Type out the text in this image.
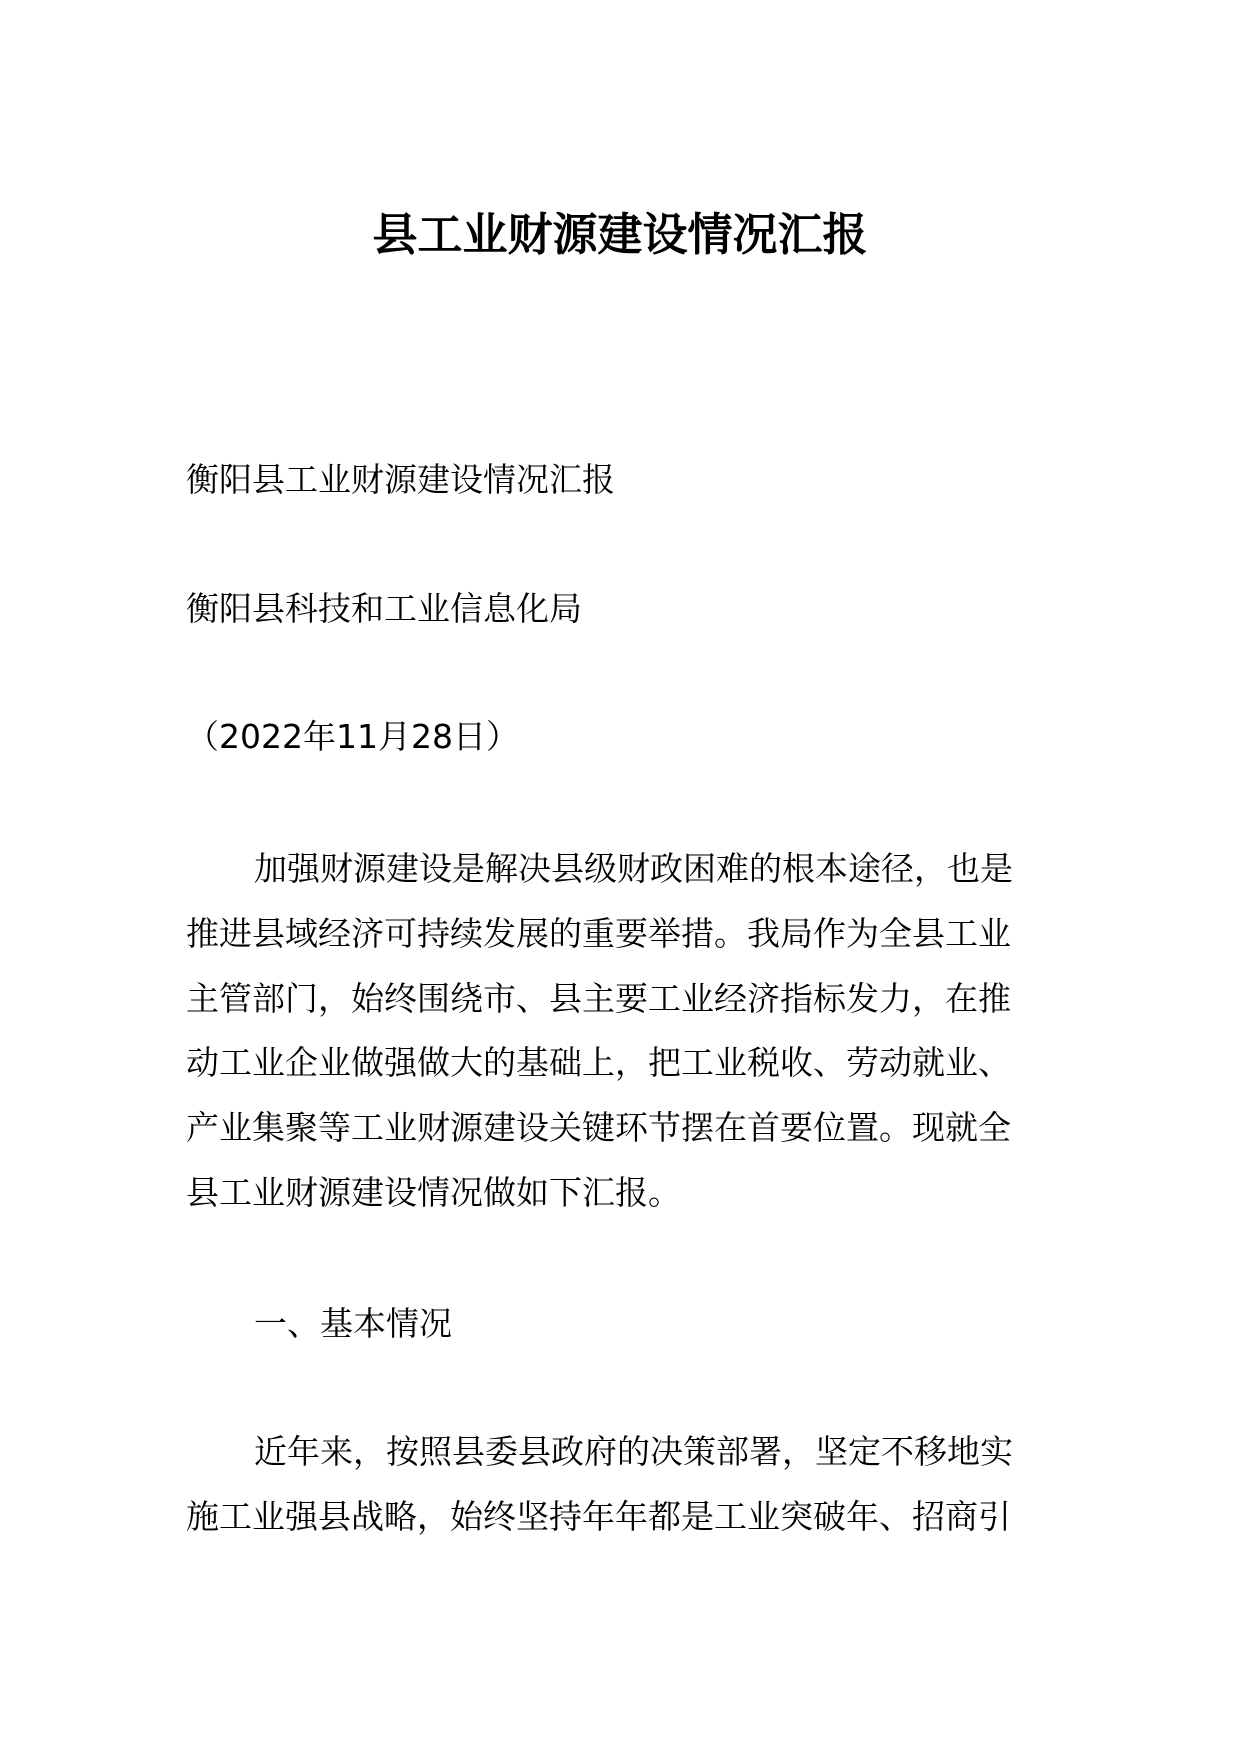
县工业财源建设情况汇报
衡阳县工业财源建设情况汇报
衡阳县科技和工业信息化局
（2022年11月28日）
加强财源建设是解决县级财政困难的根本途径，也是
推进县域经济可持续发展的重要举措。我局作为全县工业
主管部门，始终围绕市、县主要工业经济指标发力，在推
动工业企业做强做大的基础上，把工业税收、劳动就业、
产业集聚等工业财源建设关键环节摆在首要位置。现就全
县工业财源建设情况做如下汇报。
一、基本情况
近年来，按照县委县政府的决策部署，坚定不移地实
施工业强县战略，始终坚持年年都是工业突破年、招商引
